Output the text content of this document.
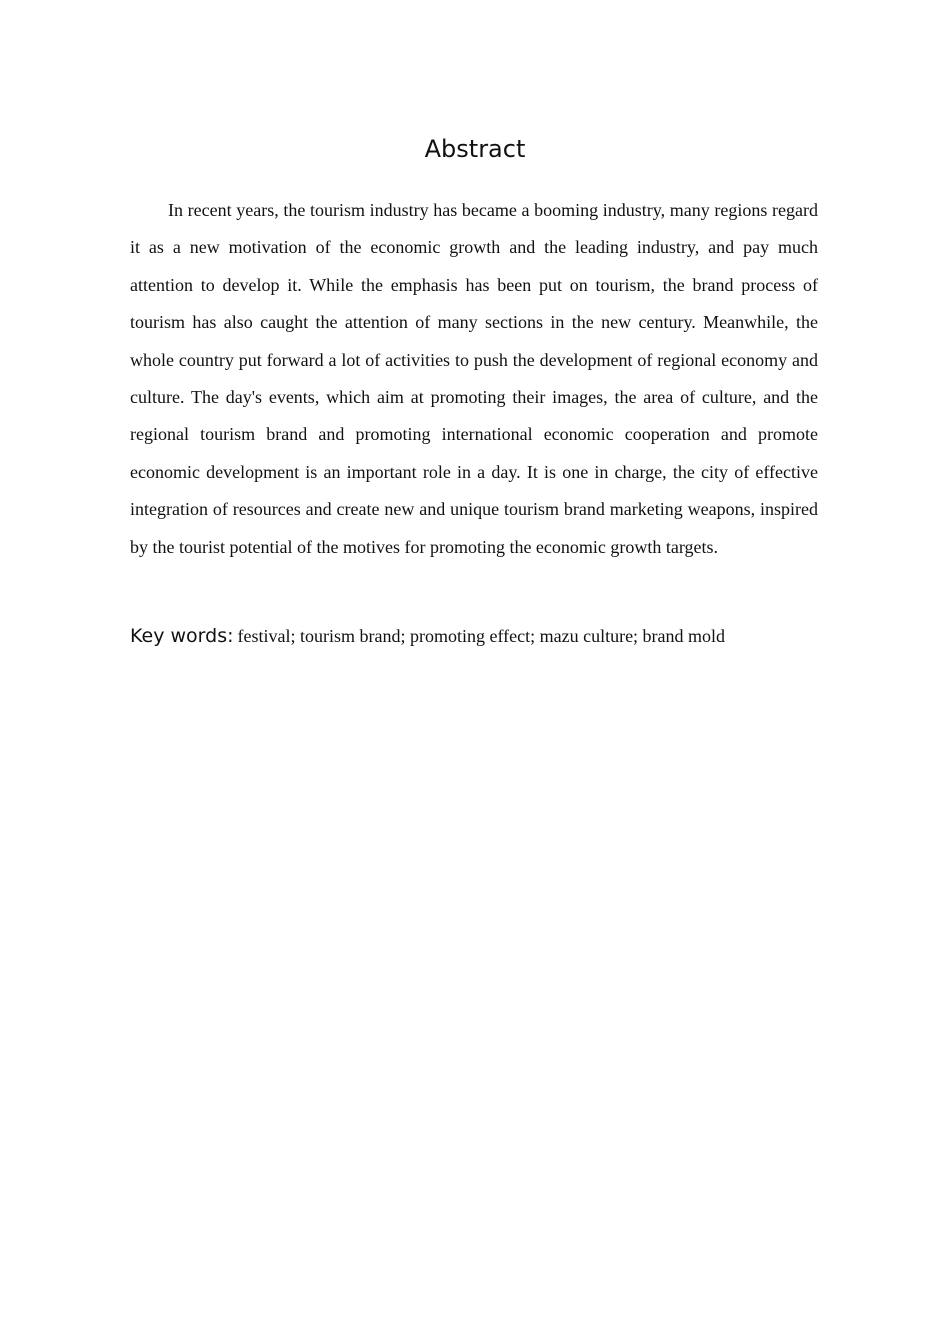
Abstract

In recent years, the tourism industry has became a booming industry, many regions regard it as a new motivation of the economic growth and the leading industry, and pay much attention to develop it. While the emphasis has been put on tourism, the brand process of tourism has also caught the attention of many sections in the new century. Meanwhile, the whole country put forward a lot of activities to push the development of regional economy and culture. The day's events, which aim at promoting their images, the area of culture, and the regional tourism brand and promoting international economic cooperation and promote economic development is an important role in a day. It is one in charge, the city of effective integration of resources and create new and unique tourism brand marketing weapons, inspired by the tourist potential of the motives for promoting the economic growth targets.

Key words: festival; tourism brand; promoting effect; mazu culture; brand mold
